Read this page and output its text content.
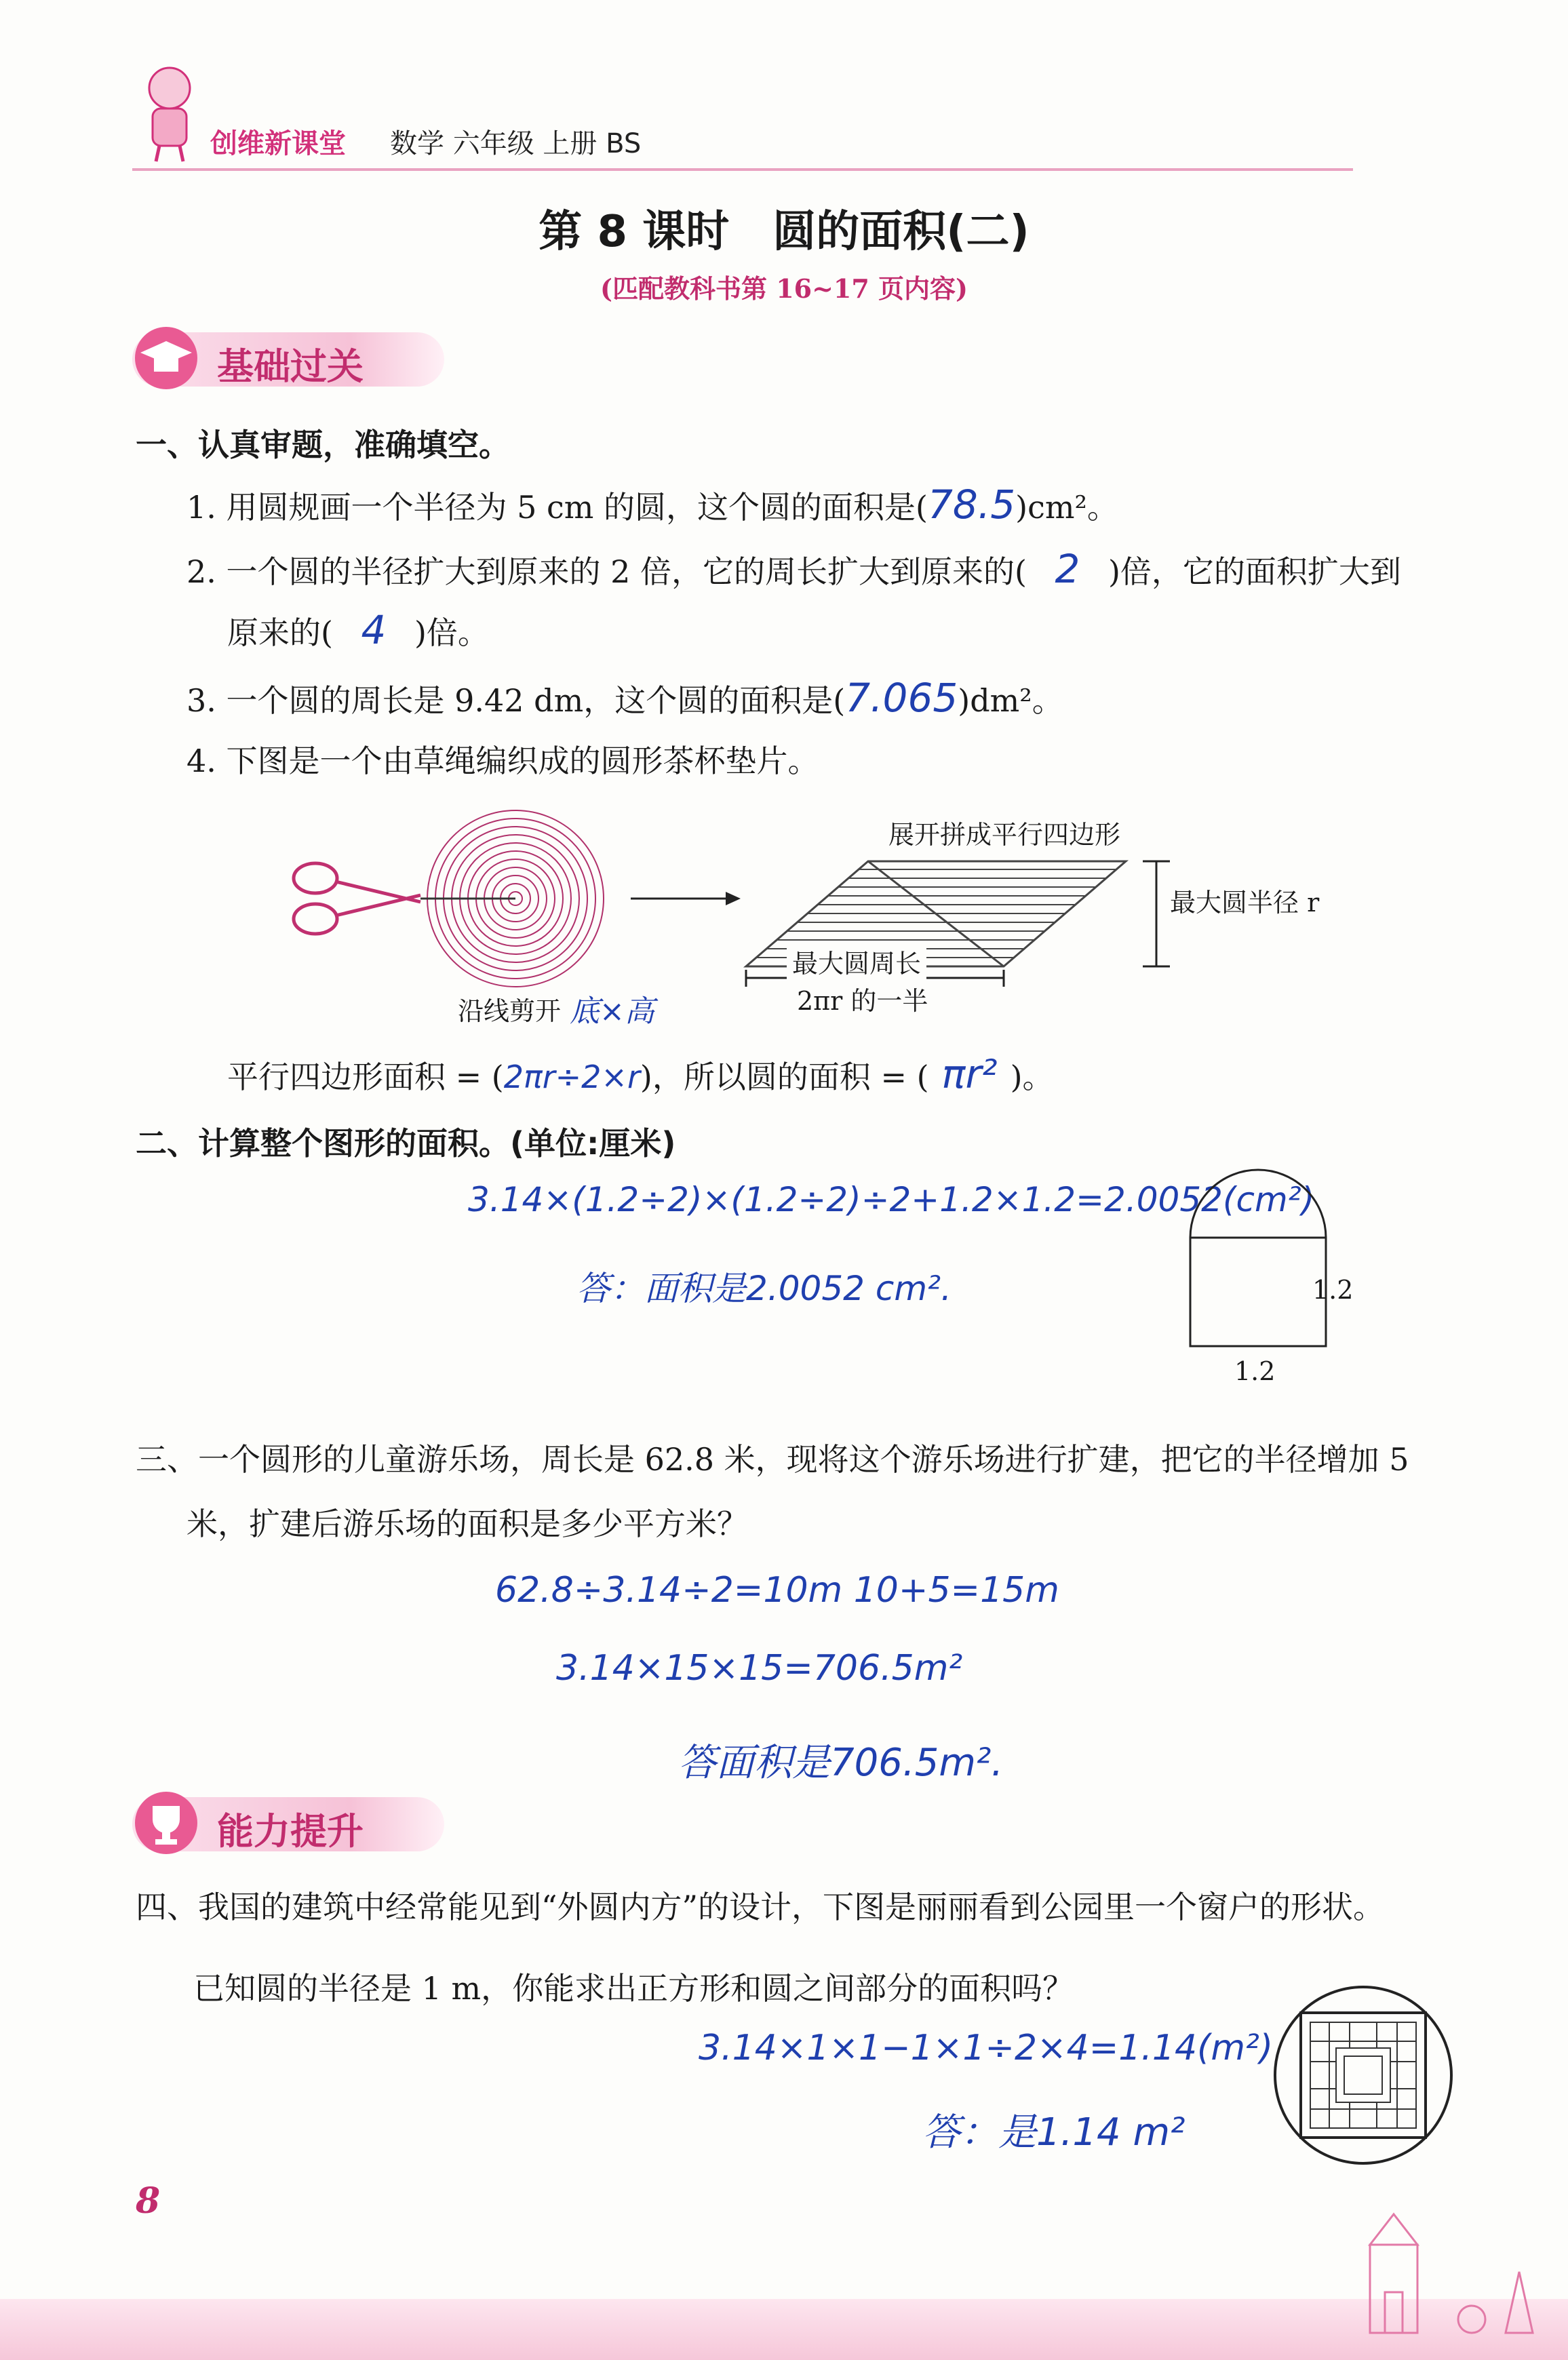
创维新课堂 数学 六年级 上册 BS
第 8 课时　圆的面积(二)
(匹配教科书第 16~17 页内容)
基础过关
一、认真审题，准确填空。
1. 用圆规画一个半径为 5 cm 的圆，这个圆的面积是(78.5)cm²。
2. 一个圆的半径扩大到原来的 2 倍，它的周长扩大到原来的( 2 )倍，它的面积扩大到
原来的( 4 )倍。
3. 一个圆的周长是 9.42 dm，这个圆的面积是(7.065)dm²。
4. 下图是一个由草绳编织成的圆形茶杯垫片。
展开拼成平行四边形
最大圆半径 r
最大圆周长
2πr 的一半
沿线剪开 底×高
平行四边形面积 = (2πr÷2×r)，所以圆的面积 = ( πr² )。
二、计算整个图形的面积。(单位:厘米)
3.14×(1.2÷2)×(1.2÷2)÷2+1.2×1.2=2.0052(cm²)
答：面积是2.0052 cm².	1.2
1.2
三、一个圆形的儿童游乐场，周长是 62.8 米，现将这个游乐场进行扩建，把它的半径增加 5
米，扩建后游乐场的面积是多少平方米？
62.8÷3.14÷2=10m 10+5=15m
3.14×15×15=706.5m²
答面积是706.5m².
能力提升
四、我国的建筑中经常能见到“外圆内方”的设计，下图是丽丽看到公园里一个窗户的形状。
已知圆的半径是 1 m，你能求出正方形和圆之间部分的面积吗？
3.14×1×1−1×1÷2×4=1.14(m²)
答：是1.14 m²
8
